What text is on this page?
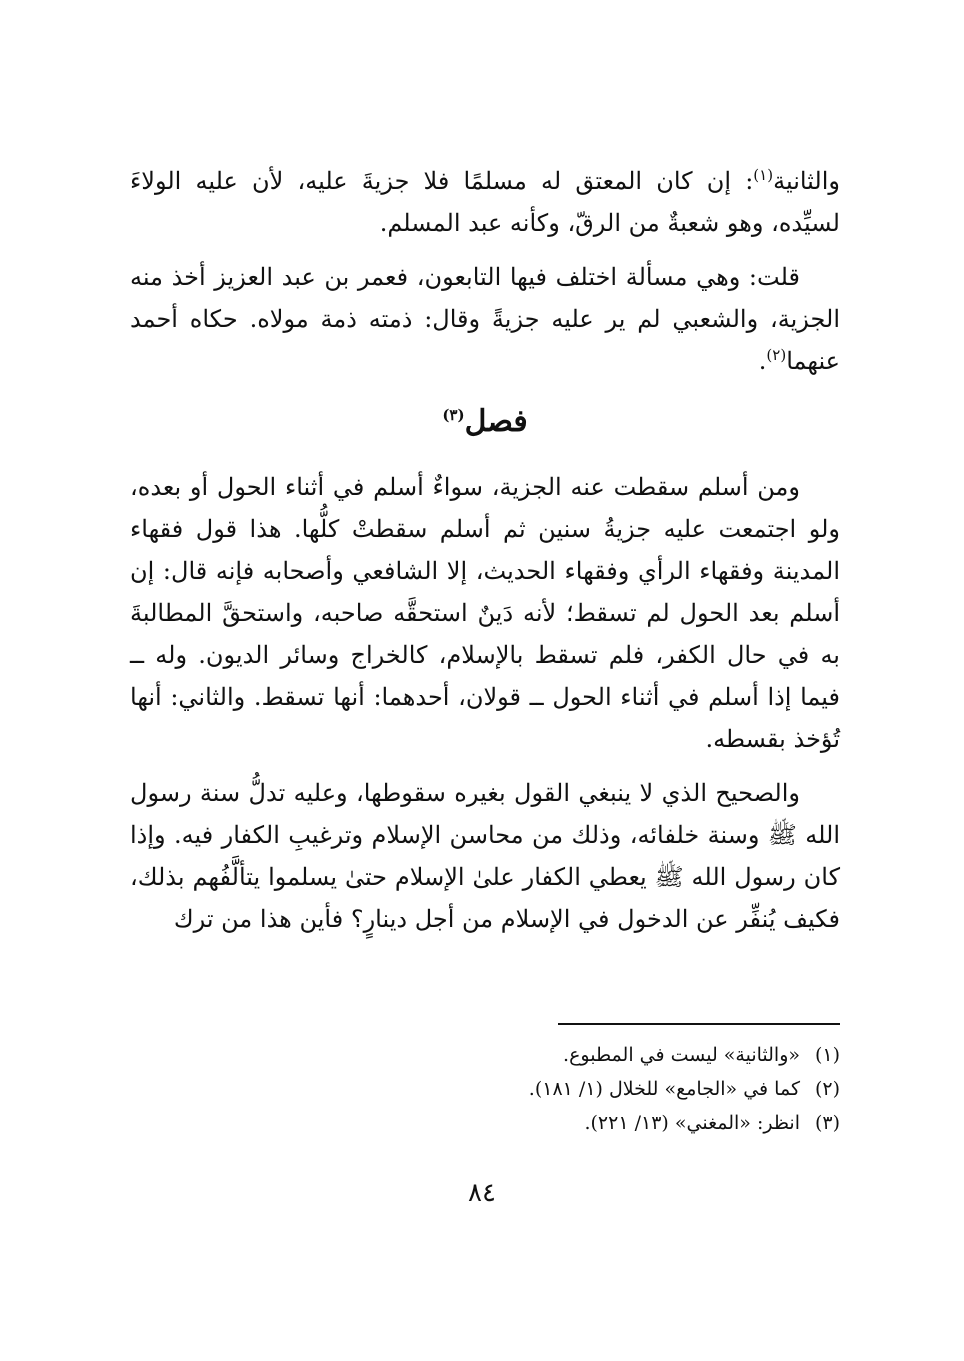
والثانية$^{(١)}$: إن كان المعتق له مسلمًا فلا جزيةَ عليه، لأن عليه الولاءَ لسيِّده، وهو شعبةٌ من الرقّ، وكأنه عبد المسلم.

قلت: وهي مسألة اختلف فيها التابعون، فعمر بن عبد العزيز أخذ منه الجزية، والشعبي لم ير عليه جزيةً وقال: ذمته ذمة مولاه. حكاه أحمد عنهما$^{(٢)}$.

فصل$^{(٣)}$

ومن أسلم سقطت عنه الجزية، سواءٌ أسلم في أثناء الحول أو بعده، ولو اجتمعت عليه جزيةُ سنين ثم أسلم سقطتْ كلُّها. هذا قول فقهاء المدينة وفقهاء الرأي وفقهاء الحديث، إلا الشافعي وأصحابه فإنه قال: إن أسلم بعد الحول لم تسقط؛ لأنه دَينٌ استحقَّه صاحبه، واستحقَّ المطالبةَ به في حال الكفر، فلم تسقط بالإسلام، كالخراج وسائر الديون. وله ــ فيما إذا أسلم في أثناء الحول ــ قولان، أحدهما: أنها تسقط. والثاني: أنها تُؤخذ بقسطه.

والصحيح الذي لا ينبغي القول بغيره سقوطها، وعليه تدلُّ سنة رسول الله ﷺ وسنة خلفائه، وذلك من محاسن الإسلام وترغيبِ الكفار فيه. وإذا كان رسول الله ﷺ يعطي الكفار علىٰ الإسلام حتىٰ يسلموا يتألَّفُهم بذلك، فكيف يُنفِّر عن الدخول في الإسلام من أجل دينارٍ؟ فأين هذا من ترك

(١)«والثانية» ليست في المطبوع.
(٢)كما في «الجامع» للخلال (١/ ١٨١).
(٣)انظر: «المغني» (١٣/ ٢٢١).
٨٤
